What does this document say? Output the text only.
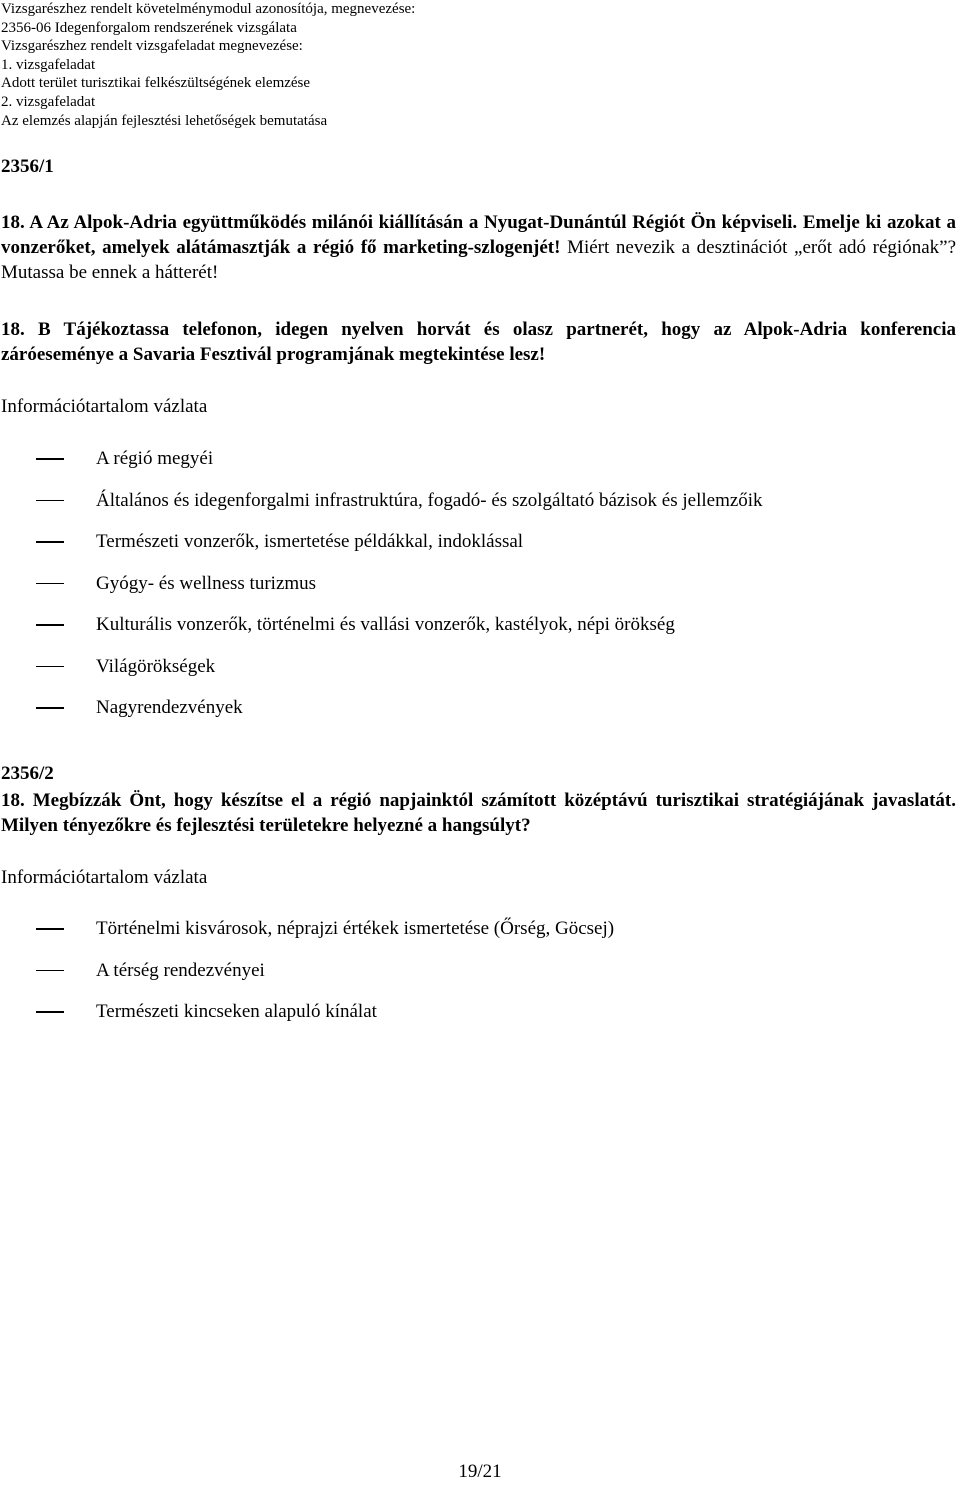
Vizsgarészhez rendelt követelménymodul azonosítója, megnevezése:
2356-06 Idegenforgalom rendszerének vizsgálata
Vizsgarészhez rendelt vizsgafeladat megnevezése:
1. vizsgafeladat
Adott terület turisztikai felkészültségének elemzése
2. vizsgafeladat
Az elemzés alapján fejlesztési lehetőségek bemutatása
2356/1
18. A Az Alpok-Adria együttműködés milánói kiállításán a Nyugat-Dunántúl Régiót Ön képviseli. Emelje ki azokat a vonzerőket, amelyek alátámasztják a régió fő marketing-szlogenjét! Miért nevezik a desztinációt „erőt adó régiónak”? Mutassa be ennek a hátterét!
18. B Tájékoztassa telefonon, idegen nyelven horvát és olasz partnerét, hogy az Alpok-Adria konferencia záróeseménye a Savaria Fesztivál programjának megtekintése lesz!
Információtartalom vázlata
A régió megyéi
Általános és idegenforgalmi infrastruktúra, fogadó- és szolgáltató bázisok és jellemzőik
Természeti vonzerők, ismertetése példákkal, indoklással
Gyógy- és wellness turizmus
Kulturális vonzerők, történelmi és vallási vonzerők, kastélyok, népi örökség
Világörökségek
Nagyrendezvények
2356/2
18. Megbízzák Önt, hogy készítse el a régió napjainktól számított középtávú turisztikai stratégiájának javaslatát. Milyen tényezőkre és fejlesztési területekre helyezné a hangsúlyt?
Információtartalom vázlata
Történelmi kisvárosok, néprajzi értékek ismertetése (Őrség, Göcsej)
A térség rendezvényei
Természeti kincseken alapuló kínálat
19/21
